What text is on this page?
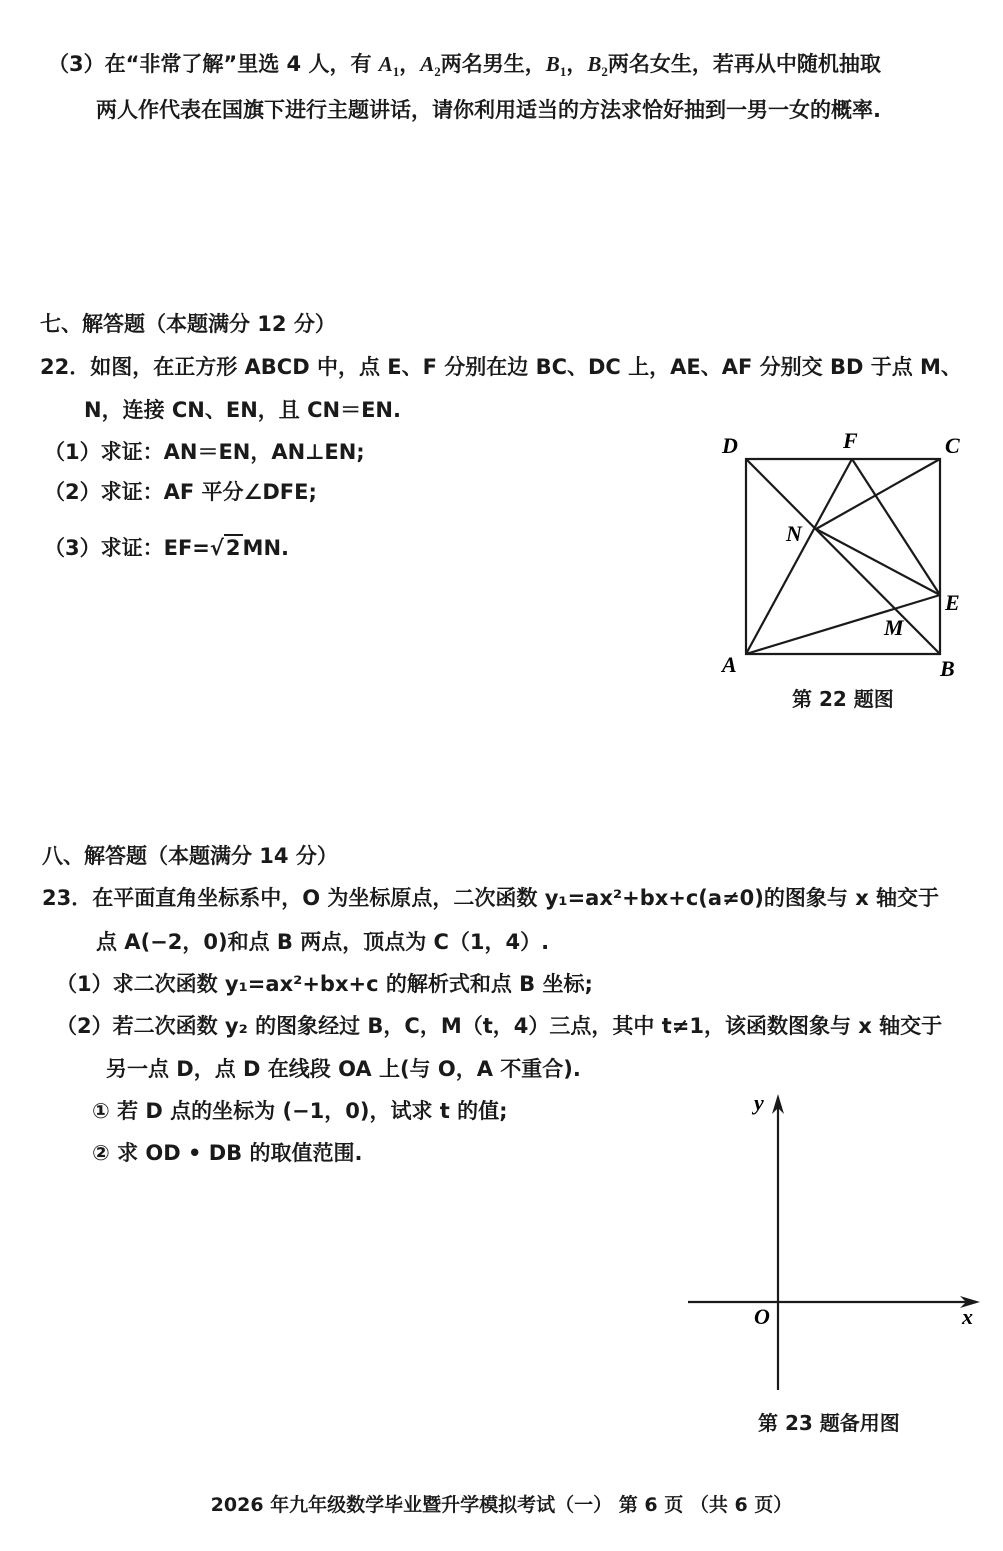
（3）在“非常了解”里选 4 人，有 $A_1$，$A_2$两名男生，$B_1$，$B_2$两名女生，若再从中随机抽取
两人作代表在国旗下进行主题讲话，请你利用适当的方法求恰好抽到一男一女的概率.
七、解答题（本题满分 12 分）
22．如图，在正方形 ABCD 中，点 E、F 分别在边 BC、DC 上，AE、AF 分别交 BD 于点 M、
N，连接 CN、EN，且 CN＝EN.
（1）求证：AN＝EN，AN⊥EN;
（2）求证：AF 平分∠DFE;
（3）求证：EF=√2MN.
D	F	C
N
E
M
A	B
第 22 题图
八、解答题（本题满分 14 分）
23．在平面直角坐标系中，O 为坐标原点，二次函数 y₁=ax²+bx+c(a≠0)的图象与 x 轴交于
点 A(−2，0)和点 B 两点，顶点为 C（1，4）.
（1）求二次函数 y₁=ax²+bx+c 的解析式和点 B 坐标;
（2）若二次函数 y₂ 的图象经过 B，C，M（t，4）三点，其中 t≠1，该函数图象与 x 轴交于
另一点 D，点 D 在线段 OA 上(与 O，A 不重合).
① 若 D 点的坐标为 (−1，0)，试求 t 的值;
② 求 OD • DB 的取值范围.
y
x
O
第 23 题备用图
2026 年九年级数学毕业暨升学模拟考试（一） 第 6 页 （共 6 页）
